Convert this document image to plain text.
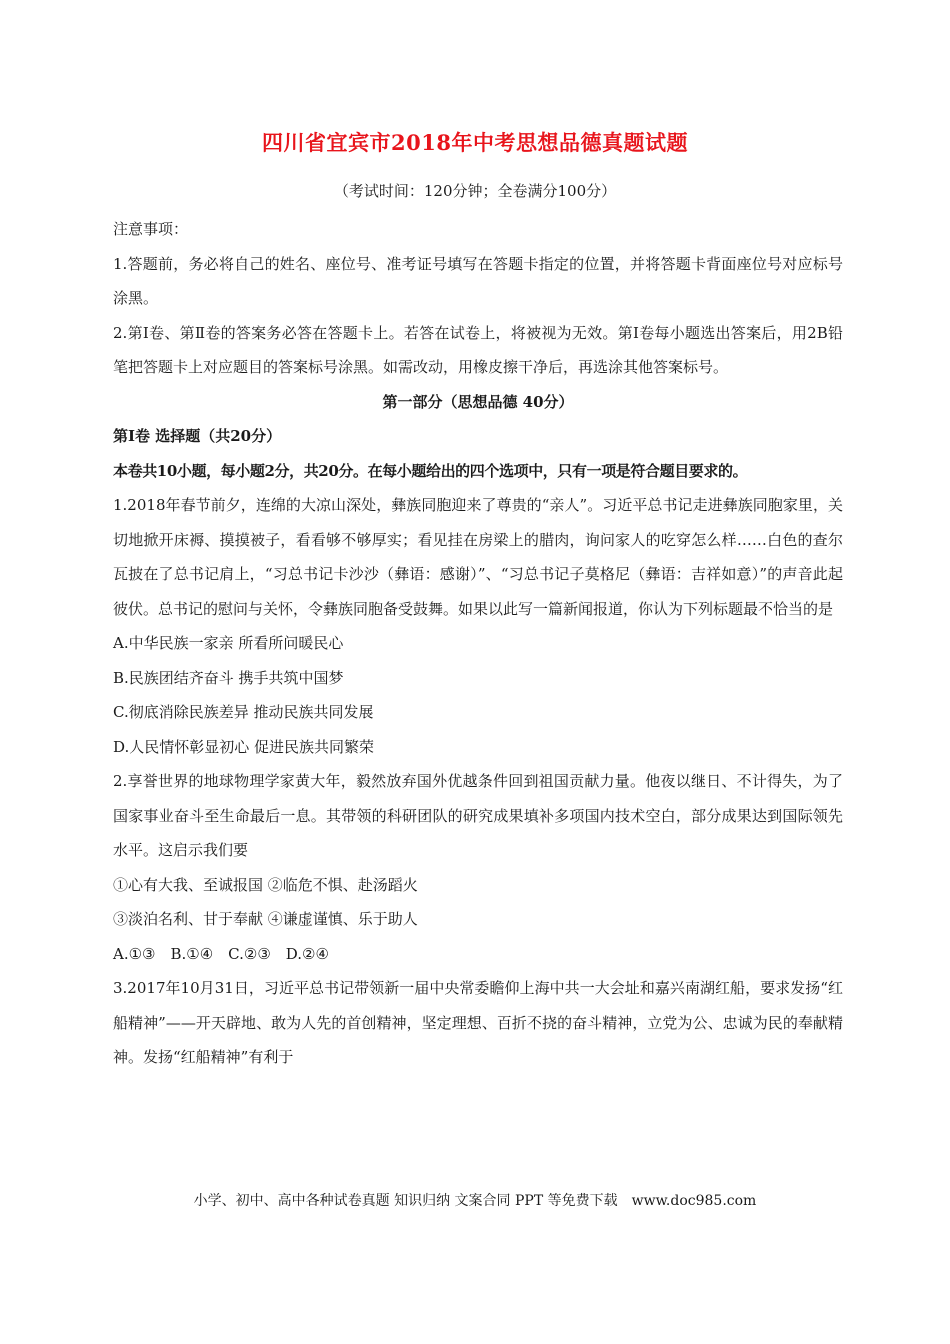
四川省宜宾市2018年中考思想品德真题试题
（考试时间：120分钟；全卷满分100分）

注意事项：

1.答题前，务必将自己的姓名、座位号、准考证号填写在答题卡指定的位置，并将答题卡背面座位号对应标号涂黑。

2.第Ⅰ卷、第Ⅱ卷的答案务必答在答题卡上。若答在试卷上，将被视为无效。第Ⅰ卷每小题选出答案后，用2B铅笔把答题卡上对应题目的答案标号涂黑。如需改动，用橡皮擦干净后，再选涂其他答案标号。

第一部分（思想品德 40分）

第Ⅰ卷 选择题（共20分）

本卷共10小题，每小题2分，共20分。在每小题给出的四个选项中，只有一项是符合题目要求的。

1.2018年春节前夕，连绵的大凉山深处，彝族同胞迎来了尊贵的“亲人”。习近平总书记走进彝族同胞家里，关切地掀开床褥、摸摸被子，看看够不够厚实；看见挂在房梁上的腊肉，询问家人的吃穿怎么样……白色的查尔瓦披在了总书记肩上，“习总书记卡沙沙（彝语：感谢）”、“习总书记子莫格尼（彝语：吉祥如意）”的声音此起彼伏。总书记的慰问与关怀，令彝族同胞备受鼓舞。如果以此写一篇新闻报道，你认为下列标题最不恰当的是

A.中华民族一家亲 所看所问暖民心

B.民族团结齐奋斗 携手共筑中国梦

C.彻底消除民族差异 推动民族共同发展

D.人民情怀彰显初心 促进民族共同繁荣

2.享誉世界的地球物理学家黄大年，毅然放弃国外优越条件回到祖国贡献力量。他夜以继日、不计得失，为了国家事业奋斗至生命最后一息。其带领的科研团队的研究成果填补多项国内技术空白，部分成果达到国际领先水平。这启示我们要

①心有大我、至诚报国 ②临危不惧、赴汤蹈火

③淡泊名利、甘于奉献 ④谦虚谨慎、乐于助人

A.①③　B.①④　C.②③　D.②④

3.2017年10月31日，习近平总书记带领新一届中央常委瞻仰上海中共一大会址和嘉兴南湖红船，要求发扬“红船精神”——开天辟地、敢为人先的首创精神，坚定理想、百折不挠的奋斗精神，立党为公、忠诚为民的奉献精神。发扬“红船精神”有利于

小学、初中、高中各种试卷真题 知识归纳 文案合同 PPT 等免费下载　www.doc985.com
